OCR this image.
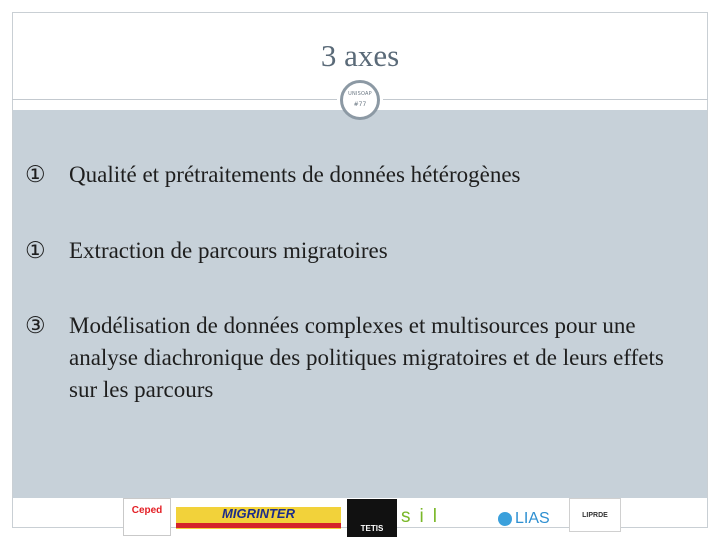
3 axes
UNISOAP
#77
①	Qualité et prétraitements de données hétérogènes
①	Extraction de parcours migratoires
③	Modélisation de données complexes et multisources pour une analyse diachronique des politiques migratoires et de leurs effets sur les parcours
Ceped	MIGRINTER
TETIS
sil	LIAS	LIPRDE
